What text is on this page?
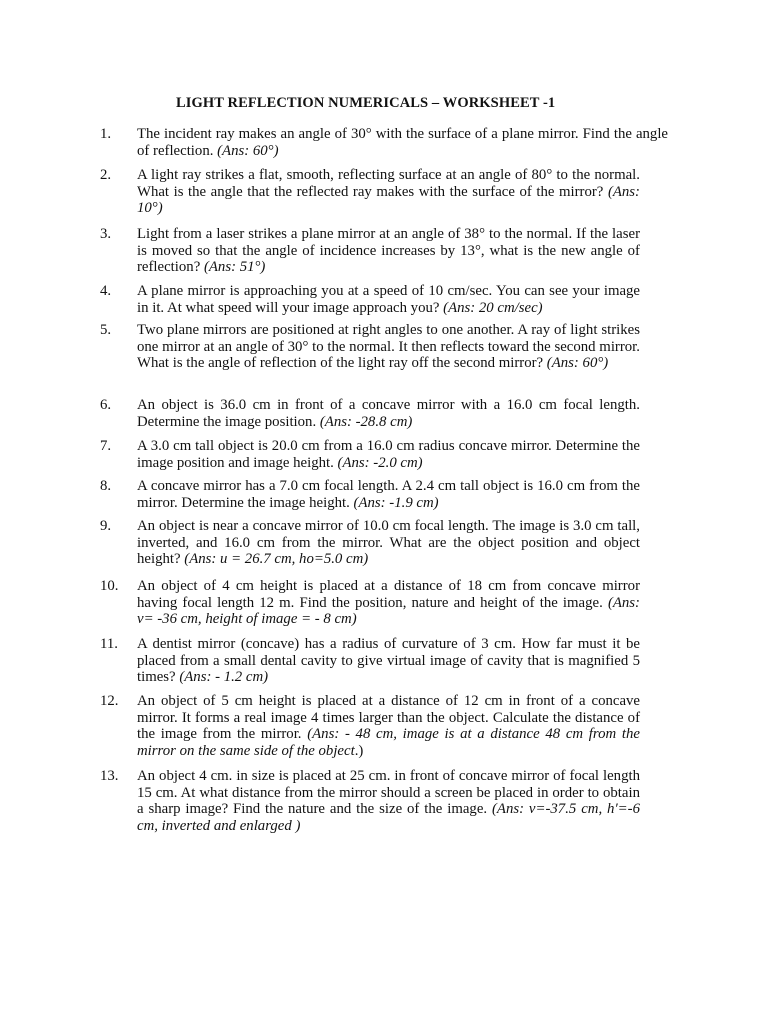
LIGHT REFLECTION NUMERICALS – WORKSHEET -1
1.	The incident ray makes an angle of 30° with the surface of a plane mirror. Find the angle of reflection. (Ans: 60°)
2.	A light ray strikes a flat, smooth, reflecting surface at an angle of 80° to the normal. What is the angle that the reflected ray makes with the surface of the mirror? (Ans: 10°)
3.	Light from a laser strikes a plane mirror at an angle of 38° to the normal. If the laser is moved so that the angle of incidence increases by 13°, what is the new angle of reflection? (Ans: 51°)
4.	A plane mirror is approaching you at a speed of 10 cm/sec. You can see your image in it. At what speed will your image approach you? (Ans: 20 cm/sec)
5.	Two plane mirrors are positioned at right angles to one another. A ray of light strikes one mirror at an angle of 30° to the normal. It then reflects toward the second mirror. What is the angle of reflection of the light ray off the second mirror? (Ans: 60°)
6.	An object is 36.0 cm in front of a concave mirror with a 16.0 cm focal length. Determine the image position. (Ans: -28.8 cm)
7.	A 3.0 cm tall object is 20.0 cm from a 16.0 cm radius concave mirror. Determine the image position and image height. (Ans: -2.0 cm)
8.	A concave mirror has a 7.0 cm focal length. A 2.4 cm tall object is 16.0 cm from the mirror. Determine the image height. (Ans: -1.9 cm)
9.	An object is near a concave mirror of 10.0 cm focal length. The image is 3.0 cm tall, inverted, and 16.0 cm from the mirror. What are the object position and object height? (Ans: u = 26.7 cm, ho=5.0 cm)
10.	An object of 4 cm height is placed at a distance of 18 cm from concave mirror having focal length 12 m. Find the position, nature and height of the image. (Ans: v= -36 cm, height of image = - 8 cm)
11.	A dentist mirror (concave) has a radius of curvature of 3 cm. How far must it be placed from a small dental cavity to give virtual image of cavity that is magnified 5 times? (Ans: - 1.2 cm)
12.	An object of 5 cm height is placed at a distance of 12 cm in front of a concave mirror. It forms a real image 4 times larger than the object. Calculate the distance of the image from the mirror. (Ans: - 48 cm, image is at a distance 48 cm from the mirror on the same side of the object.)
13.	An object 4 cm. in size is placed at 25 cm. in front of concave mirror of focal length 15 cm. At what distance from the mirror should a screen be placed in order to obtain a sharp image? Find the nature and the size of the image. (Ans: v=-37.5 cm, h′=-6 cm, inverted and enlarged )
